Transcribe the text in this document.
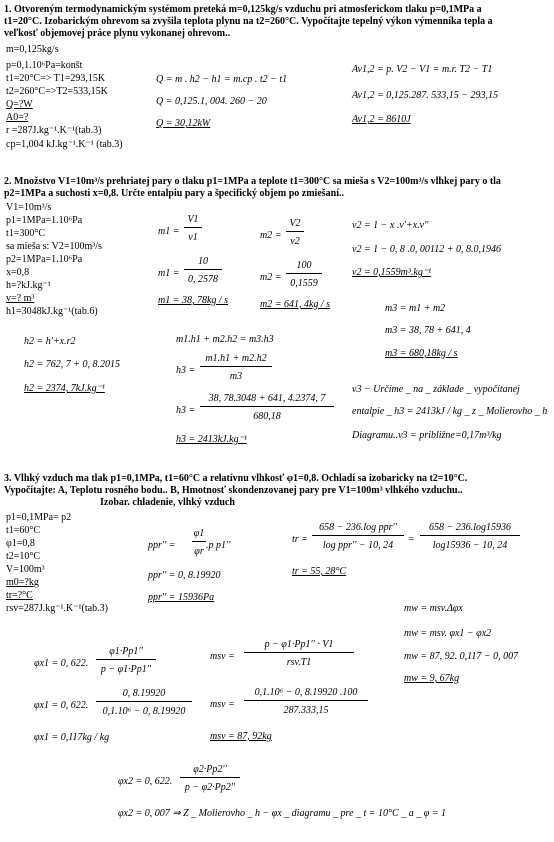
1. Otvoreným termodynamickým systémom preteká m=0,125kg/s vzduchu pri atmosferickom tlaku p=0,1MPa a
t1=20°C. Izobarickým ohrevom sa zvyšila teplota plynu na t2=260°C. Vypočítajte tepelný výkon výmenníka tepla a
veľkosť objemovej práce plynu vykonanej ohrevom..
m=0,125kg/s
p=0,1.10⁶Pa=konšt
t1=20°C=> T1=293,15K
t2=260°C=>T2=533,15K
Q=?W
A0=?
r =287J.kg⁻¹.K⁻¹(tab.3)
cp=1,004 kJ.kg⁻¹.K⁻¹ (tab.3)
Q = m . h2 − h1 = m.cp . t2 − t1
Q = 0,125.1, 004. 260 − 20
Q = 30,12kW
Av1,2 = p. V2 − V1 = m.r. T2 − T1
Av1,2 = 0,125.287. 533,15 − 293,15
Av1,2 = 8610J
2. Množstvo V1=10m³/s prehriatej pary o tlaku p1=1MPa a teplote t1=300°C sa mieša s V2=100m³/s vlhkej pary o tla
p2=1MPa a suchosti x=0,8. Určte entalpiu pary a špecifický objem po zmiešaní..
V1=10m³/s
p1=1MPa=1.10⁶Pa
t1=300°C
sa mieša s: V2=100m³/s
p2=1MPa=1.10⁶Pa
x=0,8
h=?kJ.kg⁻¹
v=? m³
h1=3048kJ.kg⁻¹(tab.6)
m1 =
V1
v1
m1 =
10
0, 2578
m1 = 38, 78kg / s
m2 =
V2
v2
m2 =
100
0,1559
m2 = 641, 4kg / s
v2 = 1 − x .v′+x.v′′
v2 = 1 − 0, 8 .0, 00112 + 0, 8.0,1946
v2 = 0,1559m³.kg⁻¹
m3 = m1 + m2
m3 = 38, 78 + 641, 4
m3 = 680,18kg / s
h2 = h′+x.r2
h2 = 762, 7 + 0, 8.2015
h2 = 2374, 7kJ.kg⁻¹
m1.h1 + m2.h2 = m3.h3
h3 =
m1.h1 + m2.h2
m3
h3 =
38, 78.3048 + 641, 4.2374, 7
680,18
h3 = 2413kJ.kg⁻¹
v3 − Určíme _ na _ základe _ vypočítanej
entalpie _ h3 = 2413kJ / kg _ z _ Molierovho _ h
Diagramu..v3 = približne=0,17m³/kg
3. Vlhký vzduch ma tlak p1=0,1MPa, t1=60°C a relatívnu vlhkosť φ1=0,8. Ochladí sa izobaricky na t2=10°C.
Vypočítajte: A, Teplotu rosného bodu.. B, Hmotnosť skondenzovanej pary pre V1=100m³ vlhkého vzduchu..
Izobar. chladenie, vlhký vzduch
p1=0,1MPa= p2
t1=60°C
φ1=0,8
t2=10°C
V=100m³
m0=?kg
tr=?°C
rsv=287J.kg⁻¹.K⁻¹(tab.3)
ppr′′ =
φ1
φr
.p p1′′
ppr′′ = 0, 8.19920
ppr′′ = 15936Pa
tr =
658 − 236.log ppr′′
log ppr′′ − 10, 24
=
658 − 236.log15936
log15936 − 10, 24
tr = 55, 28°C
mw = msv.Δφx
mw = msv. φx1 − φx2
mw = 87, 92. 0,117 − 0, 007
mw = 9, 67kg
φx1 = 0, 622.
φ1·Pp1′′
p − φ1·Pp1′′
φx1 = 0, 622.
0, 8.19920
0,1.10⁶ − 0, 8.19920
φx1 = 0,117kg / kg
msv =
p − φ1·Pp1′′ · V1
rsv.T1
msv =
0,1.10⁶ − 0, 8.19920 .100
287.333,15
msv = 87, 92kg
φx2 = 0, 622.
φ2·Pp2′′
p − φ2·Pp2′′
φx2 = 0, 007 ⇒ Z _ Molierovho _ h − φx _ diagramu _ pre _ t = 10°C _ a _ φ = 1
